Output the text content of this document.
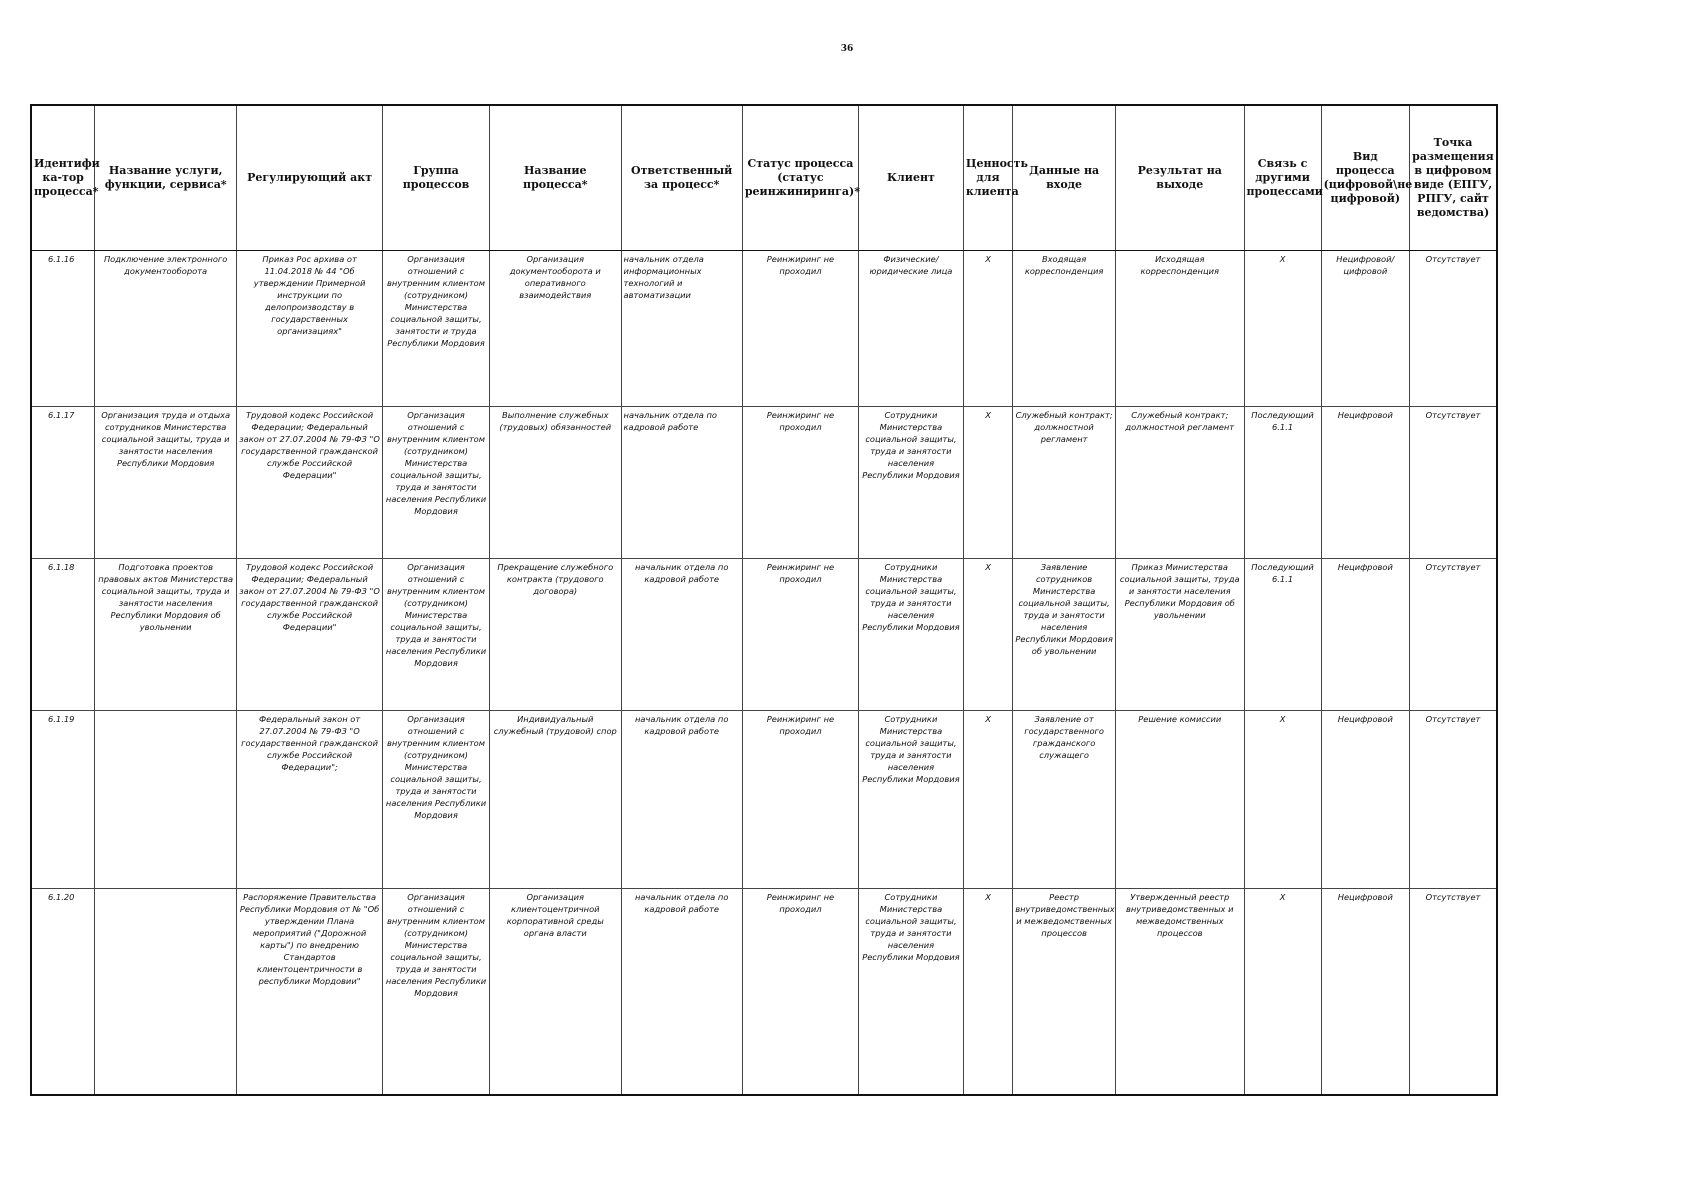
36
Идентифи ка-тор процесса*	Название услуги, функции, сервиса*	Регулирующий акт	Группа процессов	Название процесса*	Ответственный за процесс*	Статус процесса (статус реинжиниринга)*	Клиент	Ценность для клиента	Данные на входе	Результат на выходе	Связь с другими процессами	Вид процесса (цифровой\не цифровой)	Точка размещения в цифровом виде (ЕПГУ, РПГУ, сайт ведомства)
6.1.16	Подключение электронного документооборота	Приказ Рос архива от 11.04.2018 № 44 "Об утверждении Примерной инструкции по делопроизводству в государственных организациях"	Организация отношений с внутренним клиентом (сотрудником) Министерства социальной защиты, занятости и труда Республики Мордовия	Организация документооборота и оперативного взаимодействия	начальник отдела информационных технологий и автоматизации	Реинжиринг не проходил	Физические/юридические лица	X	Входящая корреспонденция	Исходящая корреспонденция	X	Нецифровой/цифровой	Отсутствует
6.1.17	Организация труда и отдыха сотрудников Министерства социальной защиты, труда и занятости населения Республики Мордовия	Трудовой кодекс Российской Федерации; Федеральный закон от 27.07.2004 № 79-ФЗ "О государственной гражданской службе Российской Федерации"	Организация отношений с внутренним клиентом (сотрудником) Министерства социальной защиты, труда и занятости населения Республики Мордовия	Выполнение служебных (трудовых) обязанностей	начальник отдела по кадровой работе	Реинжиринг не проходил	Сотрудники Министерства социальной защиты, труда и занятости населения Республики Мордовия	X	Служебный контракт; должностной регламент	Служебный контракт; должностной регламент	Последующий 6.1.1	Нецифровой	Отсутствует
6.1.18	Подготовка проектов правовых актов Министерства социальной защиты, труда и занятости населения Республики Мордовия об увольнении	Трудовой кодекс Российской Федерации; Федеральный закон от 27.07.2004 № 79-ФЗ "О государственной гражданской службе Российской Федерации"	Организация отношений с внутренним клиентом (сотрудником) Министерства социальной защиты, труда и занятости населения Республики Мордовия	Прекращение служебного контракта (трудового договора)	начальник отдела по кадровой работе	Реинжиринг не проходил	Сотрудники Министерства социальной защиты, труда и занятости населения Республики Мордовия	X	Заявление сотрудников Министерства социальной защиты, труда и занятости населения Республики Мордовия об увольнении	Приказ Министерства социальной защиты, труда и занятости населения Республики Мордовия об увольнении	Последующий 6.1.1	Нецифровой	Отсутствует
6.1.19		Федеральный закон от 27.07.2004 № 79-ФЗ "О государственной гражданской службе Российской Федерации";	Организация отношений с внутренним клиентом (сотрудником) Министерства социальной защиты, труда и занятости населения Республики Мордовия	Индивидуальный служебный (трудовой) спор	начальник отдела по кадровой работе	Реинжиринг не проходил	Сотрудники Министерства социальной защиты, труда и занятости населения Республики Мордовия	X	Заявление от государственного гражданского служащего	Решение комиссии	X	Нецифровой	Отсутствует
6.1.20		Распоряжение Правительства Республики Мордовия от № "Об утверждении Плана мероприятий ("Дорожной карты") по внедрению Стандартов клиентоцентричности в республики Мордовии"	Организация отношений с внутренним клиентом (сотрудником) Министерства социальной защиты, труда и занятости населения Республики Мордовия	Организация клиентоцентричной корпоративной среды органа власти	начальник отдела по кадровой работе	Реинжиринг не проходил	Сотрудники Министерства социальной защиты, труда и занятости населения Республики Мордовия	X	Реестр внутриведомственных и межведомственных процессов	Утвержденный реестр внутриведомственных и межведомственных процессов	X	Нецифровой	Отсутствует
